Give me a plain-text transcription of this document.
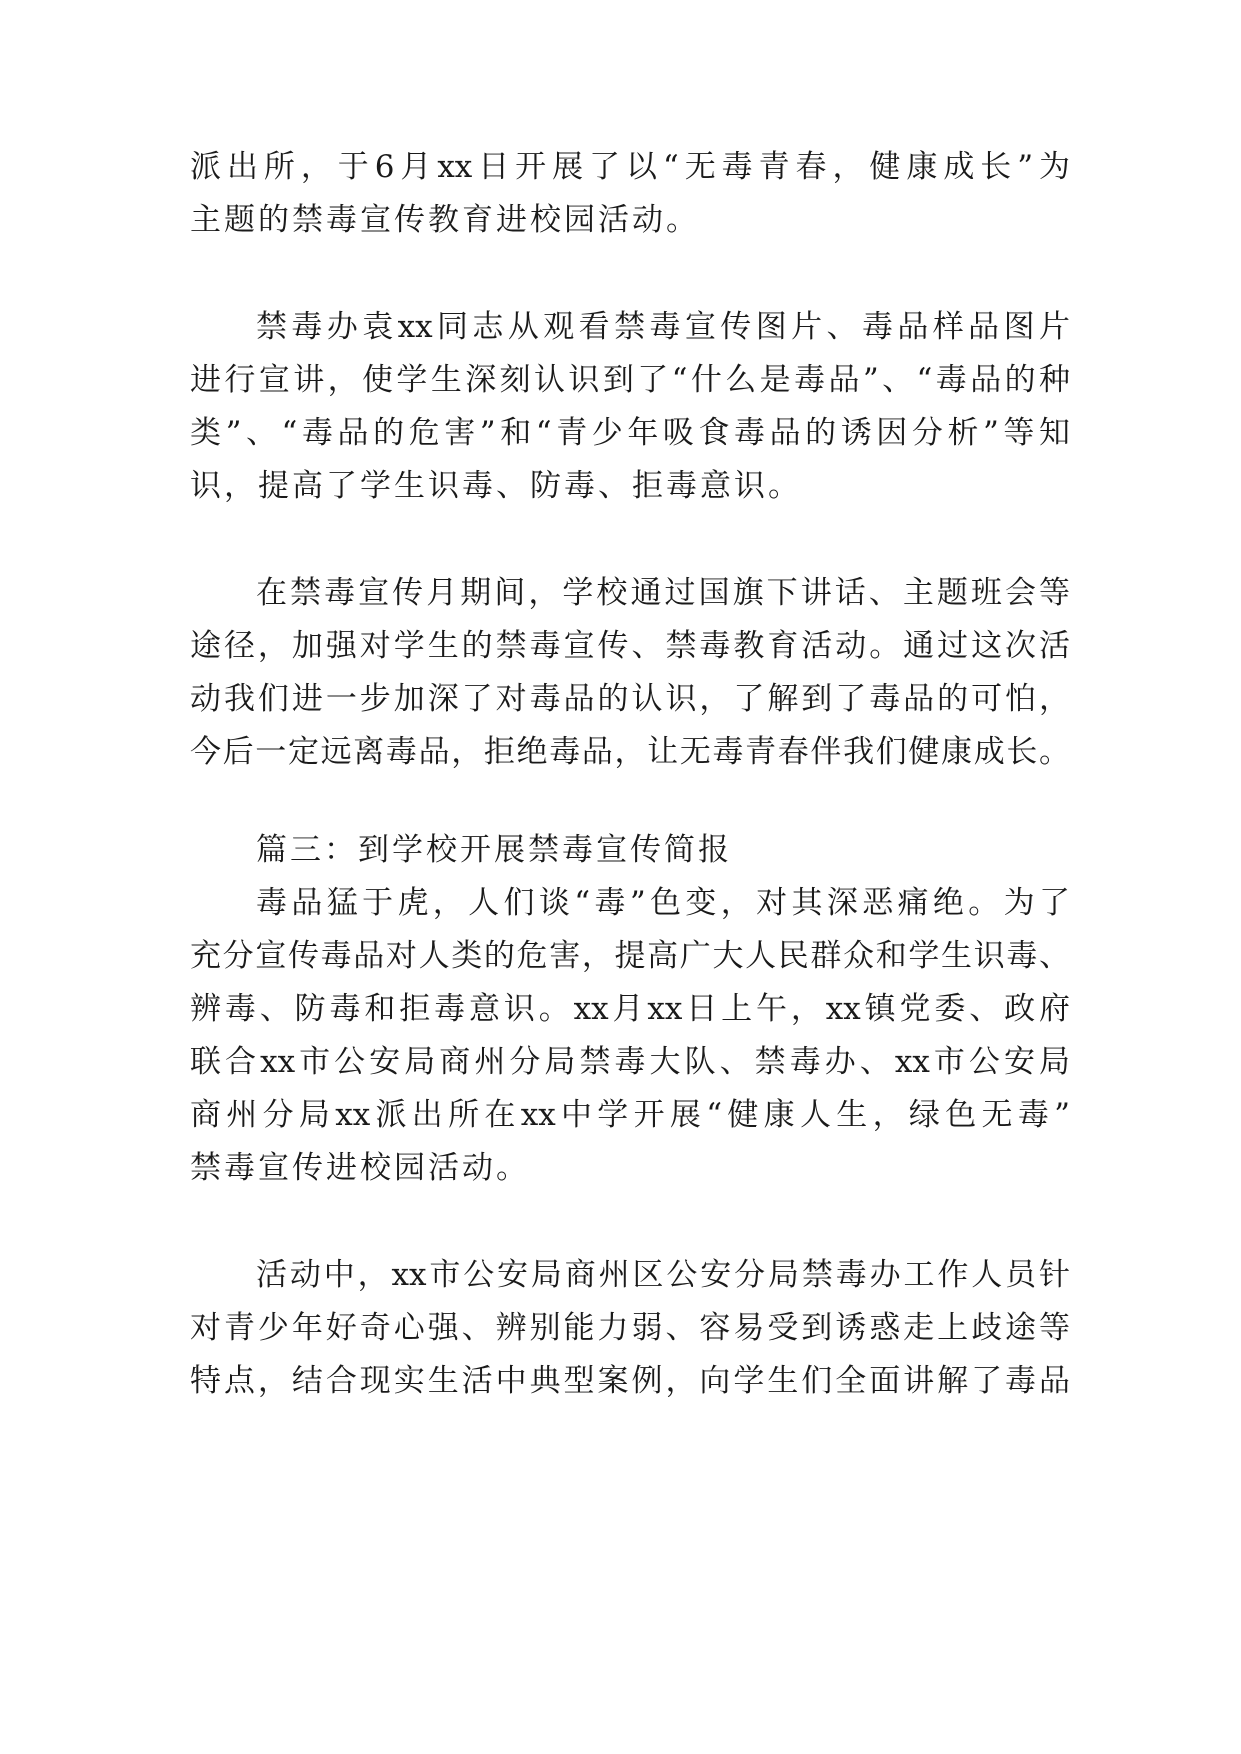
派出所，于6月xx日开展了以“无毒青春，健康成长”为
主题的禁毒宣传教育进校园活动。
禁毒办袁xx同志从观看禁毒宣传图片、毒品样品图片
进行宣讲，使学生深刻认识到了“什么是毒品”、“毒品的种
类”、“毒品的危害”和“青少年吸食毒品的诱因分析”等知
识，提高了学生识毒、防毒、拒毒意识。
在禁毒宣传月期间，学校通过国旗下讲话、主题班会等
途径，加强对学生的禁毒宣传、禁毒教育活动。通过这次活
动我们进一步加深了对毒品的认识，了解到了毒品的可怕，
今后一定远离毒品，拒绝毒品，让无毒青春伴我们健康成长。
篇三：到学校开展禁毒宣传简报
毒品猛于虎，人们谈“毒”色变，对其深恶痛绝。为了
充分宣传毒品对人类的危害，提高广大人民群众和学生识毒、
辨毒、防毒和拒毒意识。xx月xx日上午，xx镇党委、政府
联合xx市公安局商州分局禁毒大队、禁毒办、xx市公安局
商州分局xx派出所在xx中学开展“健康人生，绿色无毒”
禁毒宣传进校园活动。
活动中，xx市公安局商州区公安分局禁毒办工作人员针
对青少年好奇心强、辨别能力弱、容易受到诱惑走上歧途等
特点，结合现实生活中典型案例，向学生们全面讲解了毒品
